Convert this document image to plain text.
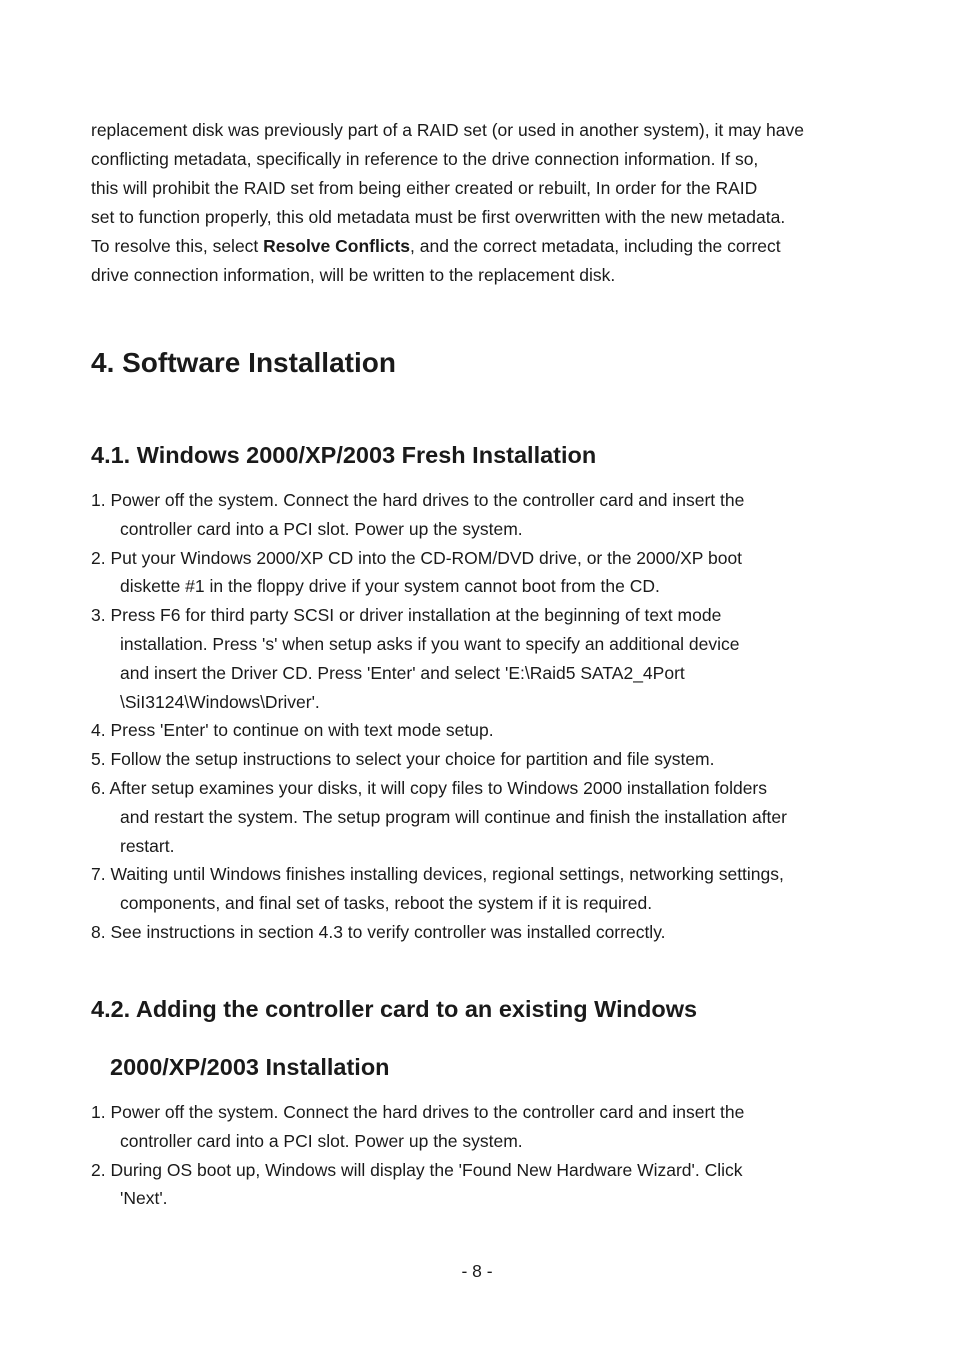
replacement disk was previously part of a RAID set (or used in another system), it may have
conflicting metadata, specifically in reference to the drive connection information. If so,
this will prohibit the RAID set from being either created or rebuilt, In order for the RAID
set to function properly, this old metadata must be first overwritten with the new metadata.
To resolve this, select Resolve Conflicts, and the correct metadata, including the correct
drive connection information, will be written to the replacement disk.

4. Software Installation
4.1. Windows 2000/XP/2003 Fresh Installation
1. Power off the system. Connect the hard drives to the controller card and insert the
controller card into a PCI slot. Power up the system.
2. Put your Windows 2000/XP CD into the CD-ROM/DVD drive, or the 2000/XP boot
diskette #1 in the floppy drive if your system cannot boot from the CD.
3. Press F6 for third party SCSI or driver installation at the beginning of text mode
installation. Press 's' when setup asks if you want to specify an additional device
and insert the Driver CD. Press 'Enter' and select 'E:\Raid5 SATA2_4Port
\SiI3124\Windows\Driver'.
4. Press 'Enter' to continue on with text mode setup.
5. Follow the setup instructions to select your choice for partition and file system.
6. After setup examines your disks, it will copy files to Windows 2000 installation folders
and restart the system. The setup program will continue and finish the installation after
restart.
7. Waiting until Windows finishes installing devices, regional settings, networking settings,
components, and final set of tasks, reboot the system if it is required.
8. See instructions in section 4.3 to verify controller was installed correctly.
4.2. Adding the controller card to an existing Windows
2000/XP/2003 Installation
1. Power off the system. Connect the hard drives to the controller card and insert the
controller card into a PCI slot. Power up the system.
2. During OS boot up, Windows will display the 'Found New Hardware Wizard'. Click
'Next'.

- 8 -
